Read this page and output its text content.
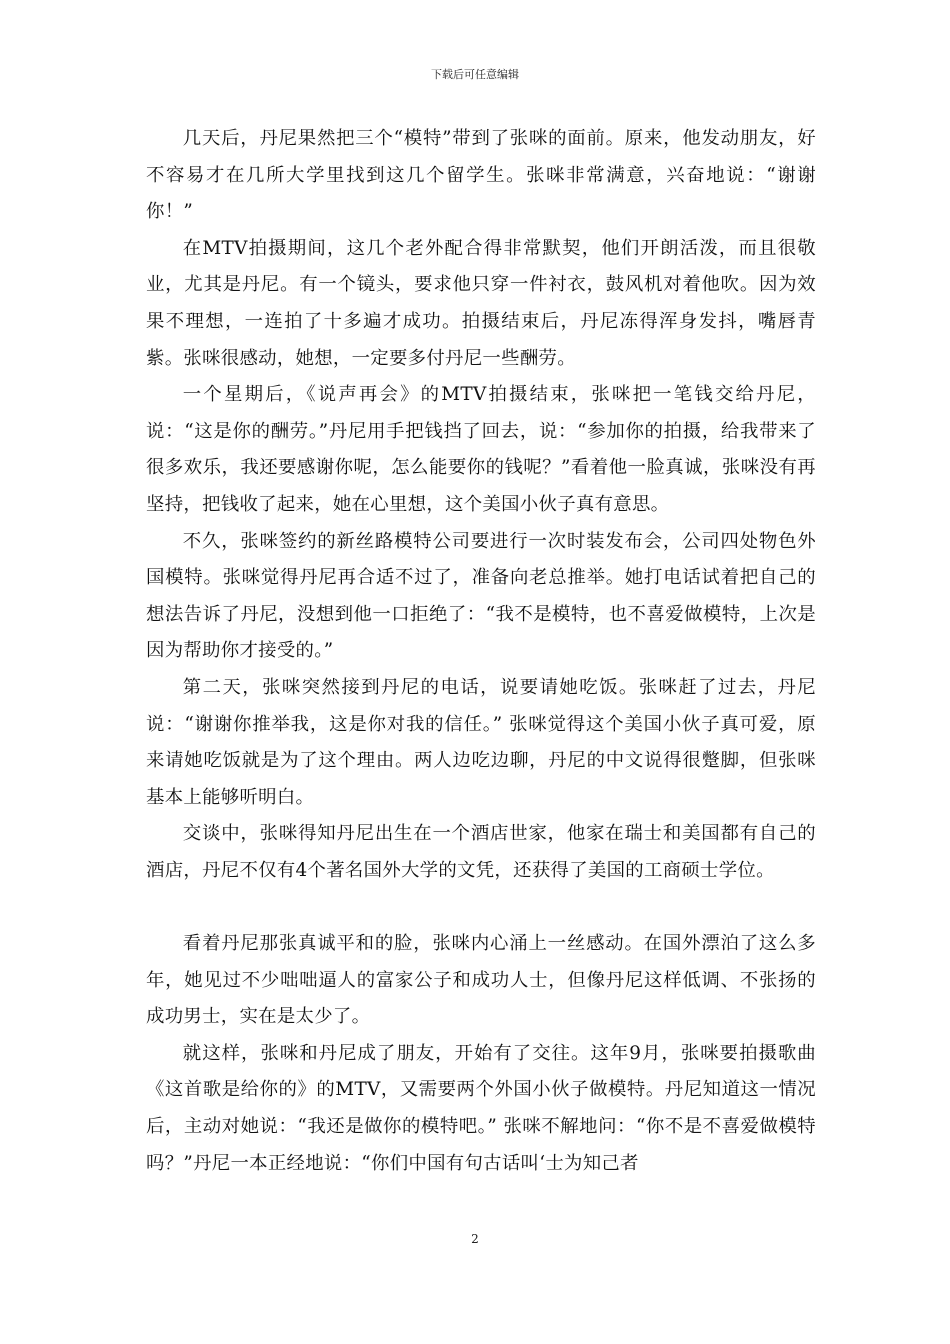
下载后可任意编辑

几天后，丹尼果然把三个“模特”带到了张咪的面前。原来，他发动朋友，好不容易才在几所大学里找到这几个留学生。张咪非常满意，兴奋地说：“谢谢你！”

在MTV拍摄期间，这几个老外配合得非常默契，他们开朗活泼，而且很敬业，尤其是丹尼。有一个镜头，要求他只穿一件衬衣，鼓风机对着他吹。因为效果不理想，一连拍了十多遍才成功。拍摄结束后，丹尼冻得浑身发抖，嘴唇青紫。张咪很感动，她想，一定要多付丹尼一些酬劳。

一个星期后，《说声再会》的MTV拍摄结束，张咪把一笔钱交给丹尼，说：“这是你的酬劳。”丹尼用手把钱挡了回去，说：“参加你的拍摄，给我带来了很多欢乐，我还要感谢你呢，怎么能要你的钱呢？”看着他一脸真诚，张咪没有再坚持，把钱收了起来，她在心里想，这个美国小伙子真有意思。

不久，张咪签约的新丝路模特公司要进行一次时装发布会，公司四处物色外国模特。张咪觉得丹尼再合适不过了，准备向老总推举。她打电话试着把自己的想法告诉了丹尼，没想到他一口拒绝了：“我不是模特，也不喜爱做模特，上次是因为帮助你才接受的。”

第二天，张咪突然接到丹尼的电话，说要请她吃饭。张咪赶了过去，丹尼说：“谢谢你推举我，这是你对我的信任。” 张咪觉得这个美国小伙子真可爱，原来请她吃饭就是为了这个理由。两人边吃边聊，丹尼的中文说得很蹩脚，但张咪基本上能够听明白。

交谈中，张咪得知丹尼出生在一个酒店世家，他家在瑞士和美国都有自己的酒店，丹尼不仅有4个著名国外大学的文凭，还获得了美国的工商硕士学位。

看着丹尼那张真诚平和的脸，张咪内心涌上一丝感动。在国外漂泊了这么多年，她见过不少咄咄逼人的富家公子和成功人士，但像丹尼这样低调、不张扬的成功男士，实在是太少了。

就这样，张咪和丹尼成了朋友，开始有了交往。这年9月，张咪要拍摄歌曲《这首歌是给你的》的MTV，又需要两个外国小伙子做模特。丹尼知道这一情况后，主动对她说：“我还是做你的模特吧。” 张咪不解地问：“你不是不喜爱做模特吗？”丹尼一本正经地说：“你们中国有句古话叫‘士为知己者

2
